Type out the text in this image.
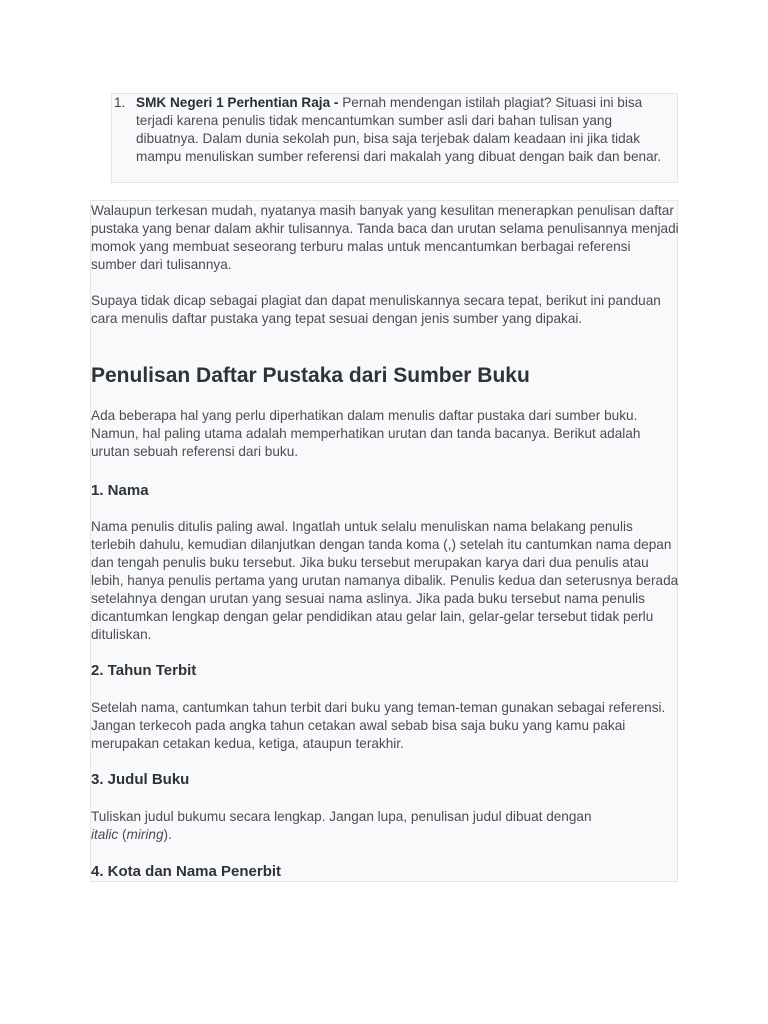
1. SMK Negeri 1 Perhentian Raja - Pernah mendengan istilah plagiat? Situasi ini bisa terjadi karena penulis tidak mencantumkan sumber asli dari bahan tulisan yang dibuatnya. Dalam dunia sekolah pun, bisa saja terjebak dalam keadaan ini jika tidak mampu menuliskan sumber referensi dari makalah yang dibuat dengan baik dan benar.

Walaupun terkesan mudah, nyatanya masih banyak yang kesulitan menerapkan penulisan daftar pustaka yang benar dalam akhir tulisannya. Tanda baca dan urutan selama penulisannya menjadi momok yang membuat seseorang terburu malas untuk mencantumkan berbagai referensi sumber dari tulisannya.

Supaya tidak dicap sebagai plagiat dan dapat menuliskannya secara tepat, berikut ini panduan cara menulis daftar pustaka yang tepat sesuai dengan jenis sumber yang dipakai.

Penulisan Daftar Pustaka dari Sumber Buku

Ada beberapa hal yang perlu diperhatikan dalam menulis daftar pustaka dari sumber buku. Namun, hal paling utama adalah memperhatikan urutan dan tanda bacanya. Berikut adalah urutan sebuah referensi dari buku.

1. Nama

Nama penulis ditulis paling awal. Ingatlah untuk selalu menuliskan nama belakang penulis terlebih dahulu, kemudian dilanjutkan dengan tanda koma (,) setelah itu cantumkan nama depan dan tengah penulis buku tersebut. Jika buku tersebut merupakan karya dari dua penulis atau lebih, hanya penulis pertama yang urutan namanya dibalik. Penulis kedua dan seterusnya berada setelahnya dengan urutan yang sesuai nama aslinya. Jika pada buku tersebut nama penulis dicantumkan lengkap dengan gelar pendidikan atau gelar lain, gelar-gelar tersebut tidak perlu dituliskan.

2. Tahun Terbit

Setelah nama, cantumkan tahun terbit dari buku yang teman-teman gunakan sebagai referensi. Jangan terkecoh pada angka tahun cetakan awal sebab bisa saja buku yang kamu pakai merupakan cetakan kedua, ketiga, ataupun terakhir.

3. Judul Buku

Tuliskan judul bukumu secara lengkap. Jangan lupa, penulisan judul dibuat dengan italic (miring).

4. Kota dan Nama Penerbit
